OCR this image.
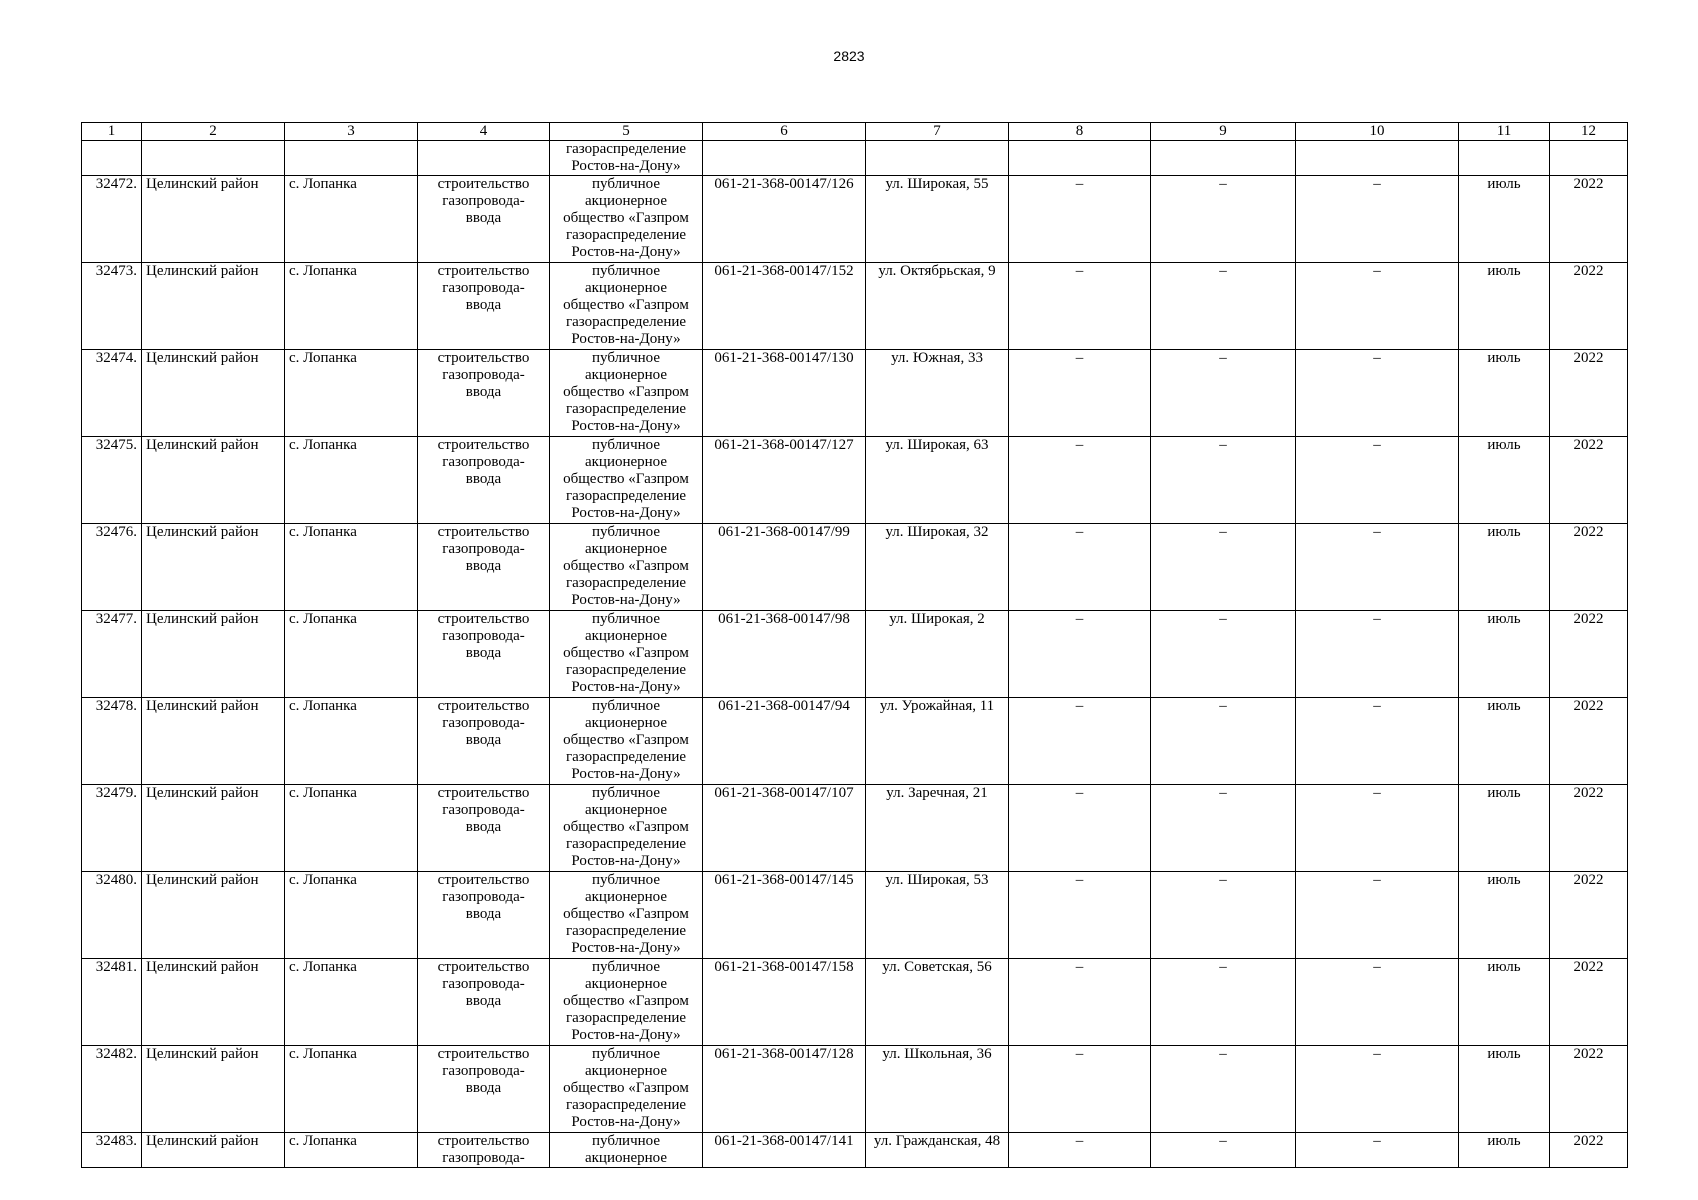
2823
1	2	3	4	5	6	7	8	9	10	11	12

				газораспределение
Ростов-на-Дону»							

32472.	Целинский район	с. Лопанка	строительство
газопровода-
ввода	публичное
акционерное
общество «Газпром
газораспределение
Ростов-на-Дону»	061-21-368-00147/126	ул. Широкая, 55	–	–	–	июль	2022
32473.	Целинский район	с. Лопанка	строительство
газопровода-
ввода	публичное
акционерное
общество «Газпром
газораспределение
Ростов-на-Дону»	061-21-368-00147/152	ул. Октябрьская, 9	–	–	–	июль	2022
32474.	Целинский район	с. Лопанка	строительство
газопровода-
ввода	публичное
акционерное
общество «Газпром
газораспределение
Ростов-на-Дону»	061-21-368-00147/130	ул. Южная, 33	–	–	–	июль	2022
32475.	Целинский район	с. Лопанка	строительство
газопровода-
ввода	публичное
акционерное
общество «Газпром
газораспределение
Ростов-на-Дону»	061-21-368-00147/127	ул. Широкая, 63	–	–	–	июль	2022
32476.	Целинский район	с. Лопанка	строительство
газопровода-
ввода	публичное
акционерное
общество «Газпром
газораспределение
Ростов-на-Дону»	061-21-368-00147/99	ул. Широкая, 32	–	–	–	июль	2022
32477.	Целинский район	с. Лопанка	строительство
газопровода-
ввода	публичное
акционерное
общество «Газпром
газораспределение
Ростов-на-Дону»	061-21-368-00147/98	ул. Широкая, 2	–	–	–	июль	2022
32478.	Целинский район	с. Лопанка	строительство
газопровода-
ввода	публичное
акционерное
общество «Газпром
газораспределение
Ростов-на-Дону»	061-21-368-00147/94	ул. Урожайная, 11	–	–	–	июль	2022
32479.	Целинский район	с. Лопанка	строительство
газопровода-
ввода	публичное
акционерное
общество «Газпром
газораспределение
Ростов-на-Дону»	061-21-368-00147/107	ул. Заречная, 21	–	–	–	июль	2022
32480.	Целинский район	с. Лопанка	строительство
газопровода-
ввода	публичное
акционерное
общество «Газпром
газораспределение
Ростов-на-Дону»	061-21-368-00147/145	ул. Широкая, 53	–	–	–	июль	2022
32481.	Целинский район	с. Лопанка	строительство
газопровода-
ввода	публичное
акционерное
общество «Газпром
газораспределение
Ростов-на-Дону»	061-21-368-00147/158	ул. Советская, 56	–	–	–	июль	2022
32482.	Целинский район	с. Лопанка	строительство
газопровода-
ввода	публичное
акционерное
общество «Газпром
газораспределение
Ростов-на-Дону»	061-21-368-00147/128	ул. Школьная, 36	–	–	–	июль	2022
32483.	Целинский район	с. Лопанка	строительство
газопровода-	публичное
акционерное	061-21-368-00147/141	ул. Гражданская, 48	–	–	–	июль	2022
